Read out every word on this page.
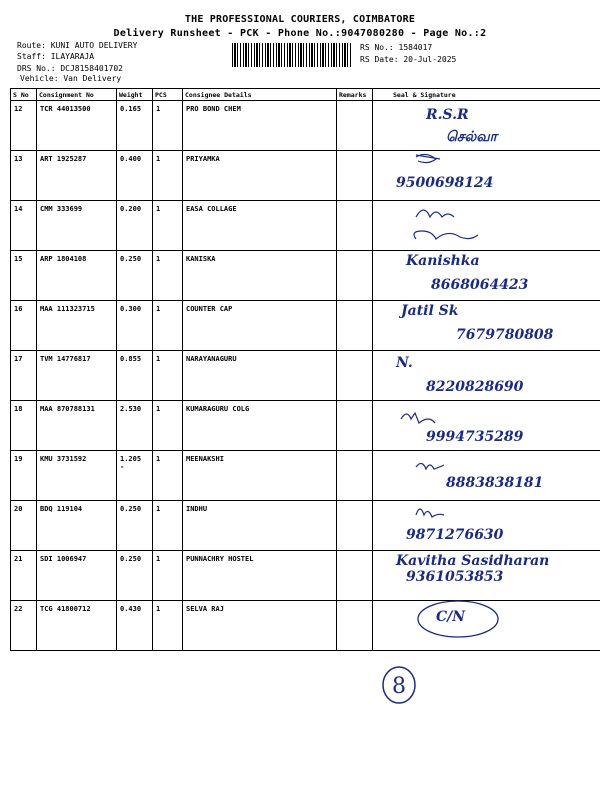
THE PROFESSIONAL COURIERS, COIMBATORE
Delivery Runsheet - PCK - Phone No.:9047080280 - Page No.:2
Route: KUNI AUTO DELIVERY
Staff: ILAYARAJA
DRS No.: DCJ8158401702
Vehicle: Van Delivery
RS No.: 1584017
RS Date: 20-Jul-2025
S No	Consignment No	Weight	PCS	Consignee Details	Remarks	Seal & Signature
12	TCR 44013500	0.165	1	PRO BOND CHEM		R.S.R
செல்வா

13	ART 1925287	0.400	1	PRIYAMKA		9500698124

14	CMM 333699	0.200	1	EASA COLLAGE		

15	ARP 1804108	0.250	1	KANISKA		Kanishka
8668064423

16	MAA 111323715	0.300	1	COUNTER CAP		Jatil Sk
7679780808

17	TVM 14776817	0.855	1	NARAYANAGURU		N.
8220828690

18	MAA 870788131	2.530	1	KUMARAGURU COLG		9994735289

19	KMU 3731592	1.205 -	1	MEENAKSHI		8883838181

20	BDQ 119104	0.250	1	INDHU		9871276630

21	SDI 1006947	0.250	1	PUNNACHRY HOSTEL		Kavitha Sasidharan
9361053853

22	TCG 41800712	0.430	1	SELVA RAJ		C/N
8
